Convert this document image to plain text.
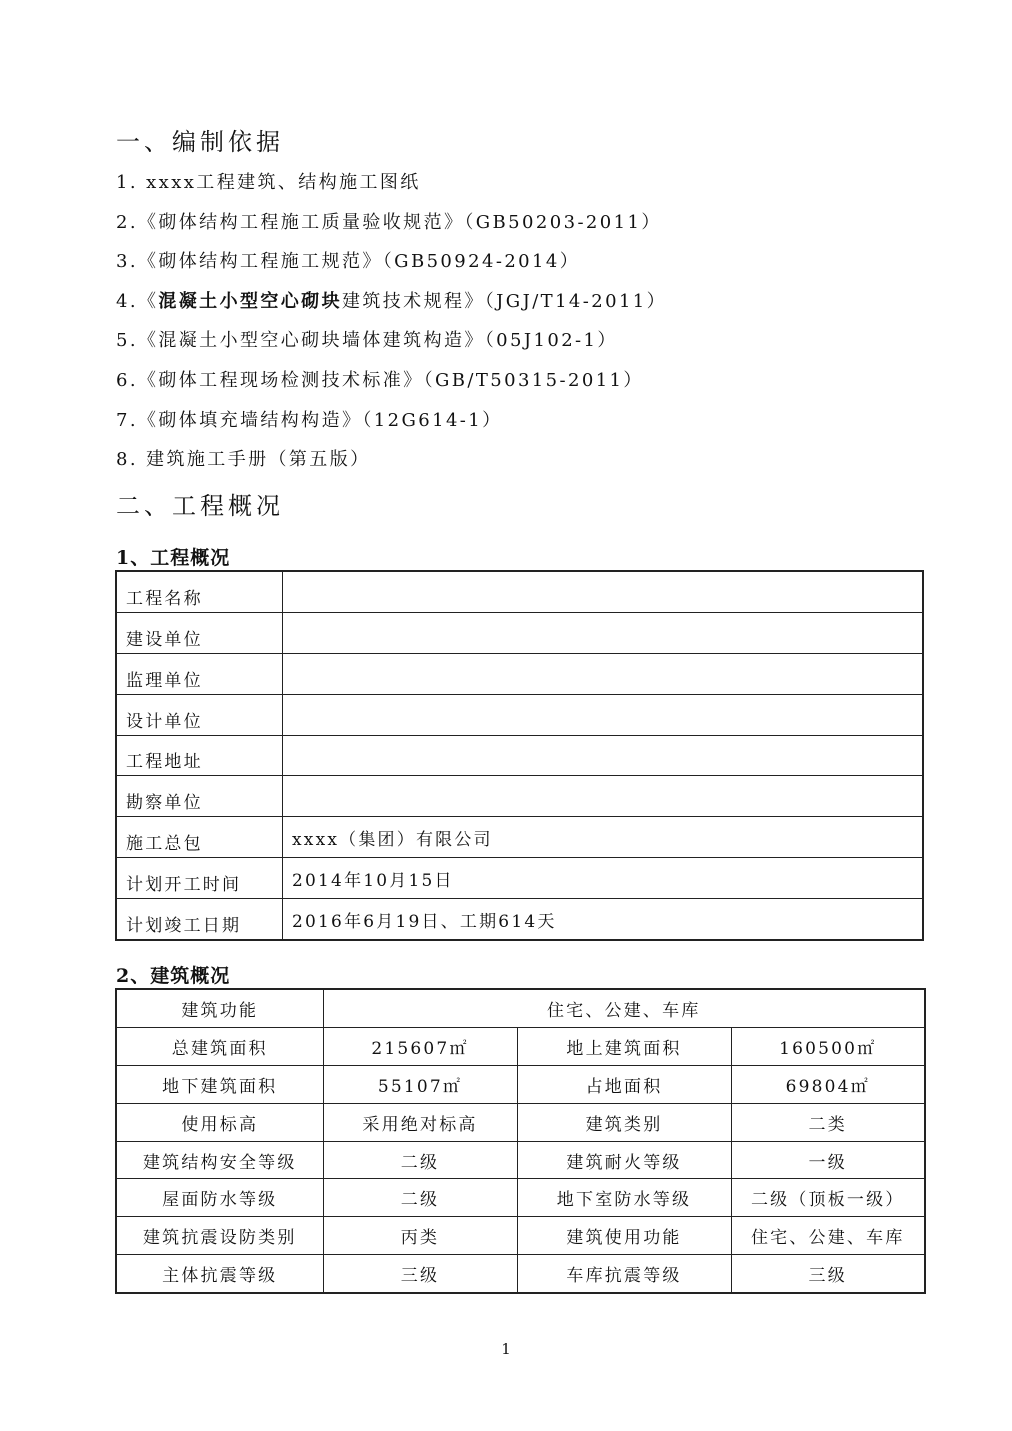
一、编制依据
1. xxxx工程建筑、结构施工图纸
2.《砌体结构工程施工质量验收规范》（GB50203-2011）
3.《砌体结构工程施工规范》（GB50924-2014）
4.《混凝土小型空心砌块建筑技术规程》（JGJ/T14-2011）
5.《混凝土小型空心砌块墙体建筑构造》（05J102-1）
6.《砌体工程现场检测技术标准》（GB/T50315-2011）
7.《砌体填充墙结构构造》（12G614-1）
8. 建筑施工手册（第五版）
二、工程概况
1、工程概况
工程名称	
建设单位	
监理单位	
设计单位	
工程地址	
勘察单位	
施工总包	xxxx（集团）有限公司
计划开工时间	2014年10月15日
计划竣工日期	2016年6月19日、工期614天
2、建筑概况
建筑功能	住宅、公建、车库		
总建筑面积	215607㎡	地上建筑面积	160500㎡
地下建筑面积	55107㎡	占地面积	69804㎡
使用标高	采用绝对标高	建筑类别	二类
建筑结构安全等级	二级	建筑耐火等级	一级
屋面防水等级	二级	地下室防水等级	二级（顶板一级）
建筑抗震设防类别	丙类	建筑使用功能	住宅、公建、车库
主体抗震等级	三级	车库抗震等级	三级
1
